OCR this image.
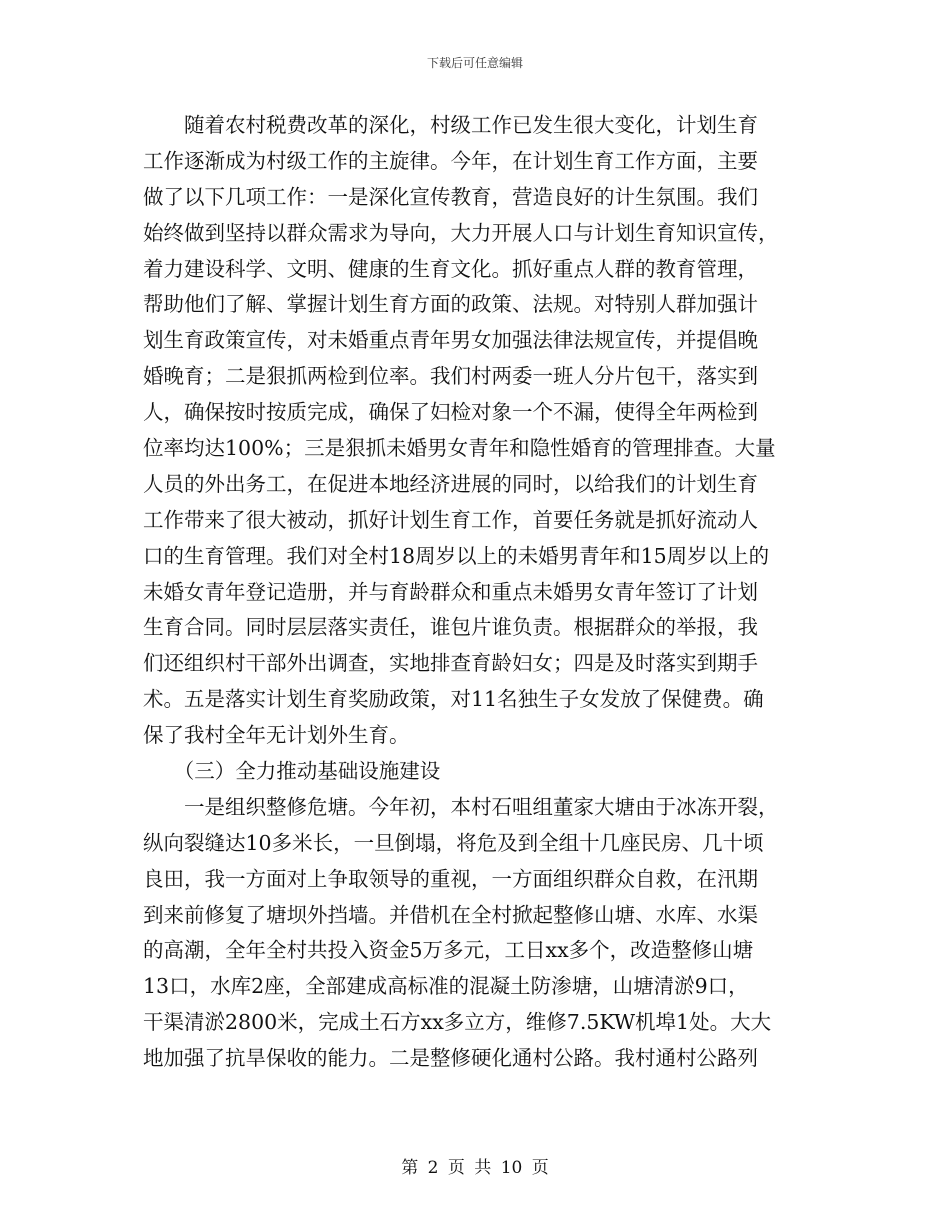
下载后可任意编辑
　　随着农村税费改革的深化，村级工作已发生很大变化，计划生育
工作逐渐成为村级工作的主旋律。今年，在计划生育工作方面，主要
做了以下几项工作：一是深化宣传教育，营造良好的计生氛围。我们
始终做到坚持以群众需求为导向，大力开展人口与计划生育知识宣传，
着力建设科学、文明、健康的生育文化。抓好重点人群的教育管理，
帮助他们了解、掌握计划生育方面的政策、法规。对特别人群加强计
划生育政策宣传，对未婚重点青年男女加强法律法规宣传，并提倡晚
婚晚育；二是狠抓两检到位率。我们村两委一班人分片包干，落实到
人，确保按时按质完成，确保了妇检对象一个不漏，使得全年两检到
位率均达100%；三是狠抓未婚男女青年和隐性婚育的管理排查。大量
人员的外出务工，在促进本地经济进展的同时，以给我们的计划生育
工作带来了很大被动，抓好计划生育工作，首要任务就是抓好流动人
口的生育管理。我们对全村18周岁以上的未婚男青年和15周岁以上的
未婚女青年登记造册，并与育龄群众和重点未婚男女青年签订了计划
生育合同。同时层层落实责任，谁包片谁负责。根据群众的举报，我
们还组织村干部外出调查，实地排查育龄妇女；四是及时落实到期手
术。五是落实计划生育奖励政策，对11名独生子女发放了保健费。确
保了我村全年无计划外生育。
　　（三）全力推动基础设施建设
　　一是组织整修危塘。今年初，本村石咀组董家大塘由于冰冻开裂，
纵向裂缝达10多米长，一旦倒塌，将危及到全组十几座民房、几十顷
良田，我一方面对上争取领导的重视，一方面组织群众自救，在汛期
到来前修复了塘坝外挡墙。并借机在全村掀起整修山塘、水库、水渠
的高潮，全年全村共投入资金5万多元，工日xx多个，改造整修山塘
13口，水库2座，全部建成高标准的混凝土防渗塘，山塘清淤9口，
干渠清淤2800米，完成土石方xx多立方，维修7.5KW机埠1处。大大
地加强了抗旱保收的能力。二是整修硬化通村公路。我村通村公路列
第 2 页 共 10 页
